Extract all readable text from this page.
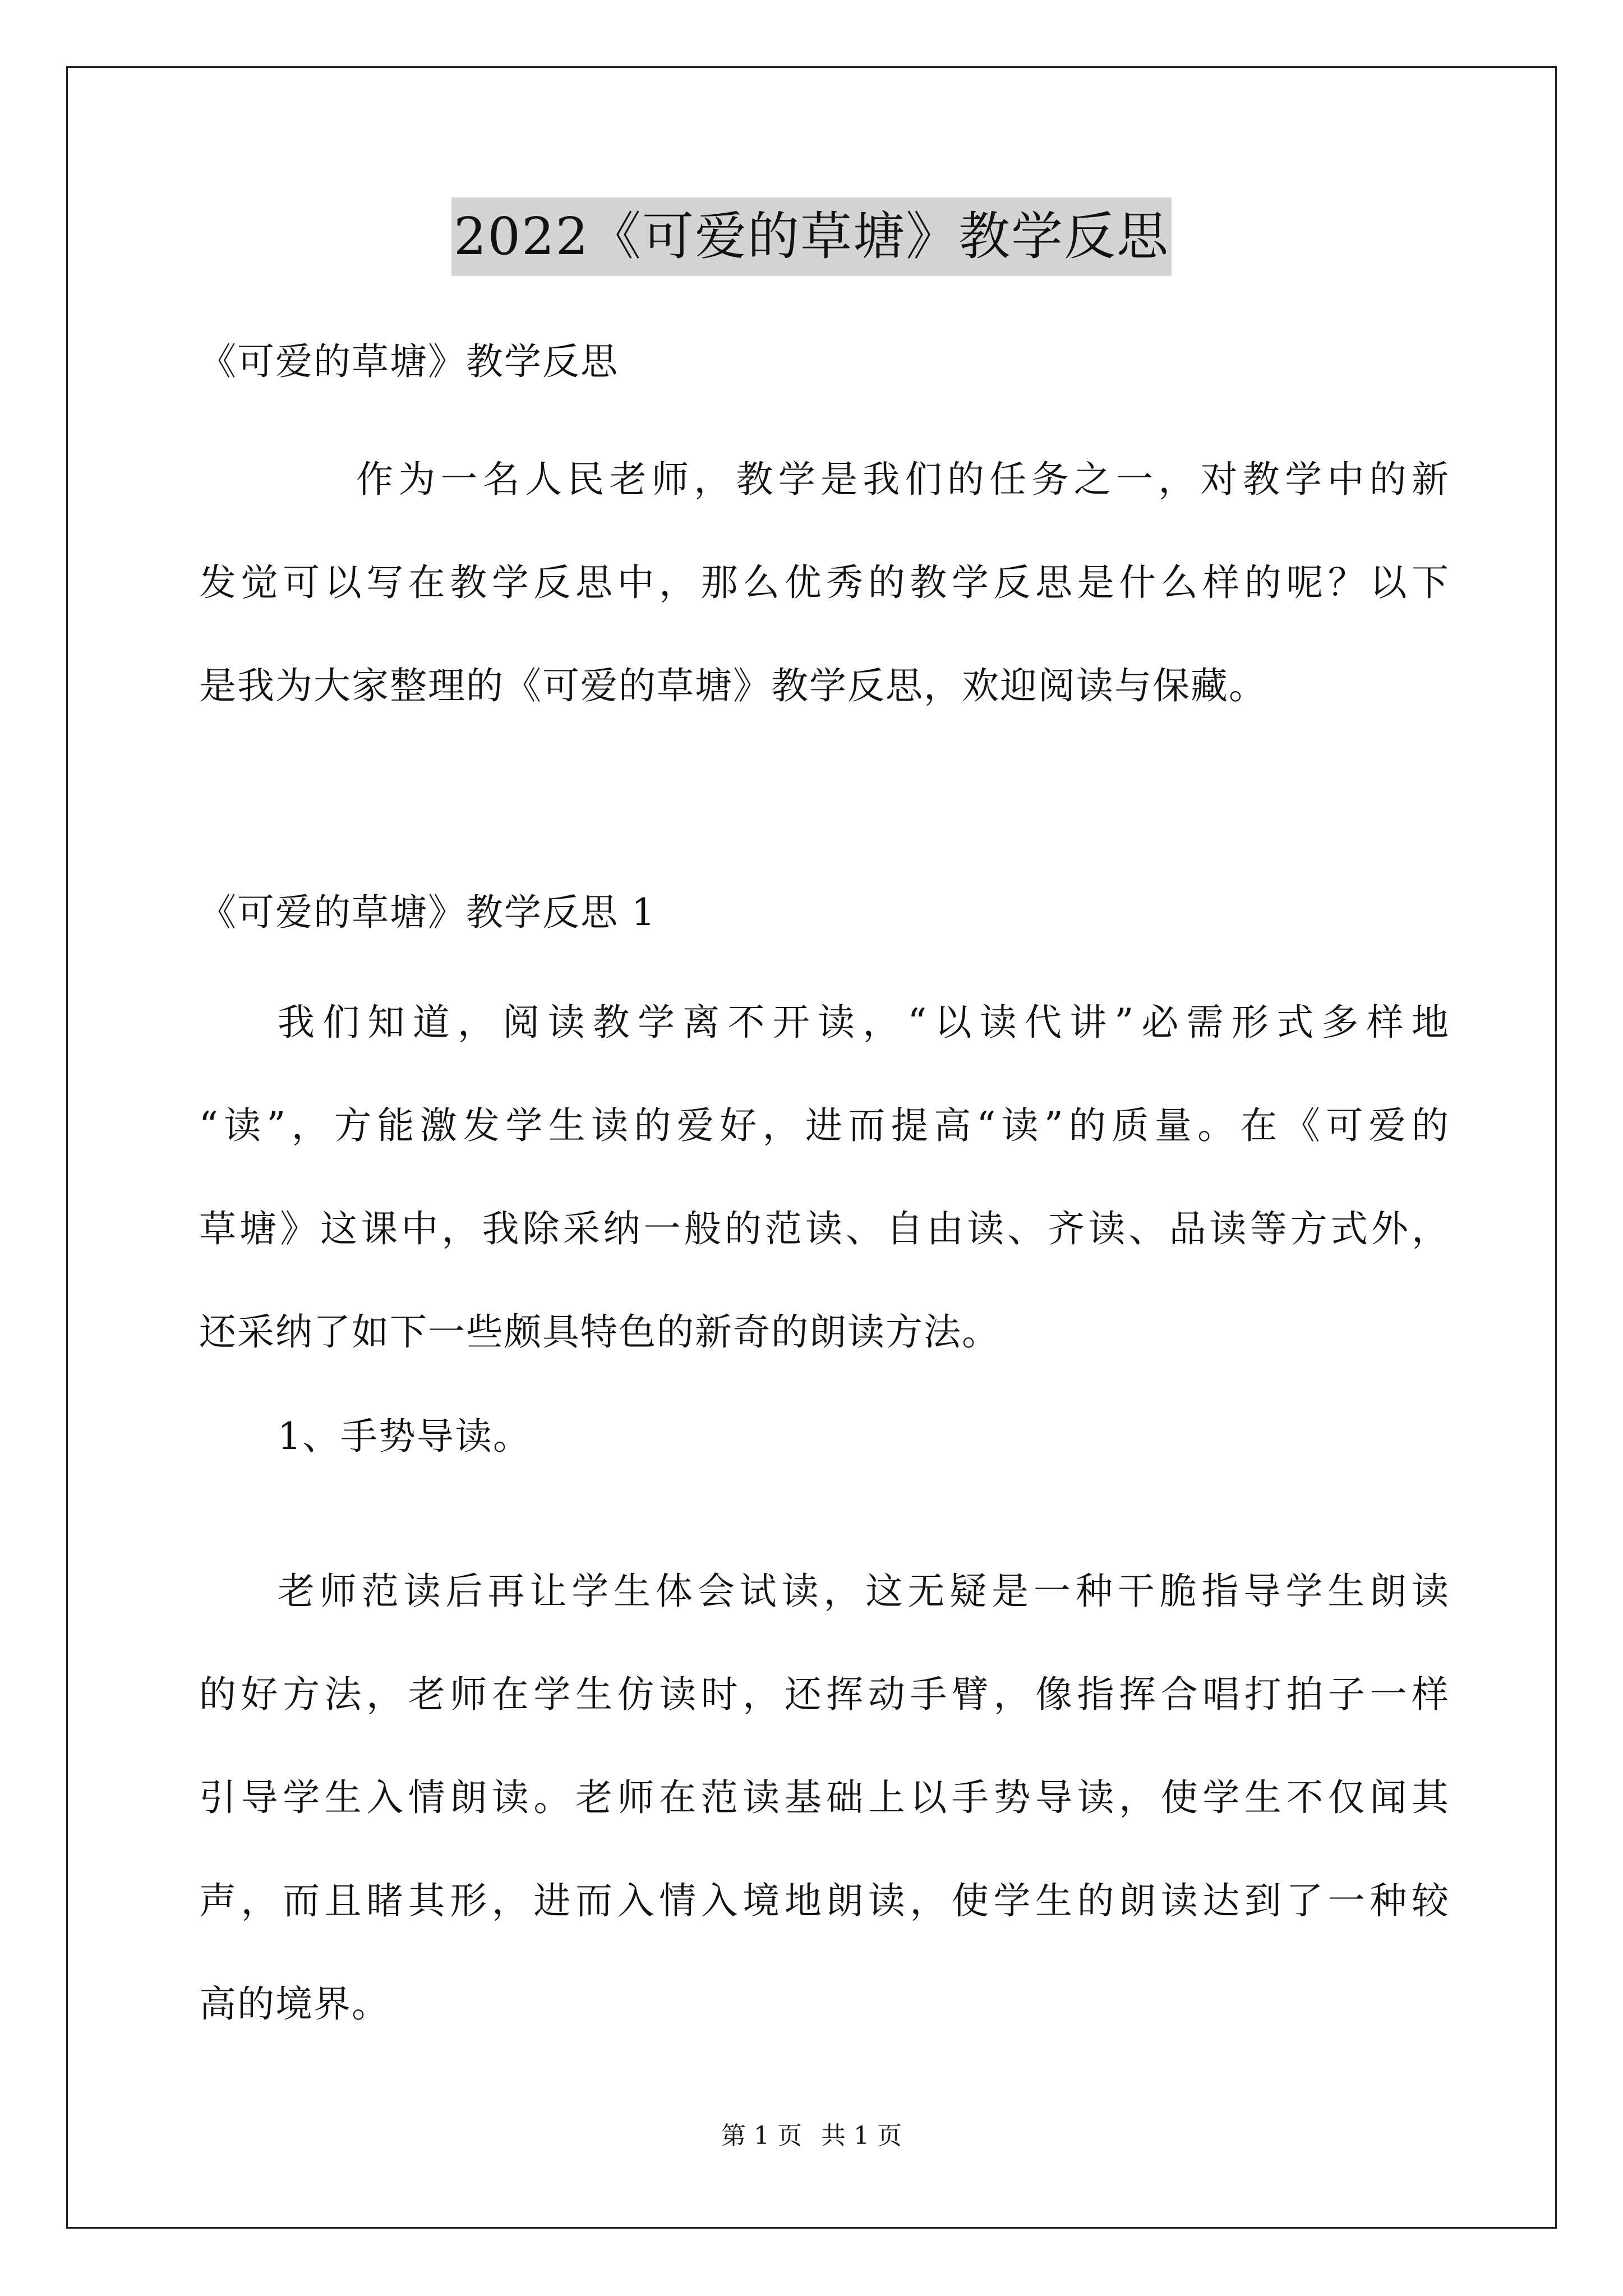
2022《可爱的草塘》教学反思
《可爱的草塘》教学反思
作为一名人民老师，教学是我们的任务之一，对教学中的新
发觉可以写在教学反思中，那么优秀的教学反思是什么样的呢？以下
是我为大家整理的《可爱的草塘》教学反思，欢迎阅读与保藏。
《可爱的草塘》教学反思 1
我们知道，阅读教学离不开读，“以读代讲”必需形式多样地
“读”，方能激发学生读的爱好，进而提高“读”的质量。在《可爱的
草塘》这课中，我除采纳一般的范读、自由读、齐读、品读等方式外，
还采纳了如下一些颇具特色的新奇的朗读方法。
1、手势导读。
老师范读后再让学生体会试读，这无疑是一种干脆指导学生朗读
的好方法，老师在学生仿读时，还挥动手臂，像指挥合唱打拍子一样
引导学生入情朗读。老师在范读基础上以手势导读，使学生不仅闻其
声，而且睹其形，进而入情入境地朗读，使学生的朗读达到了一种较
高的境界。
第 1 页 共 1 页
